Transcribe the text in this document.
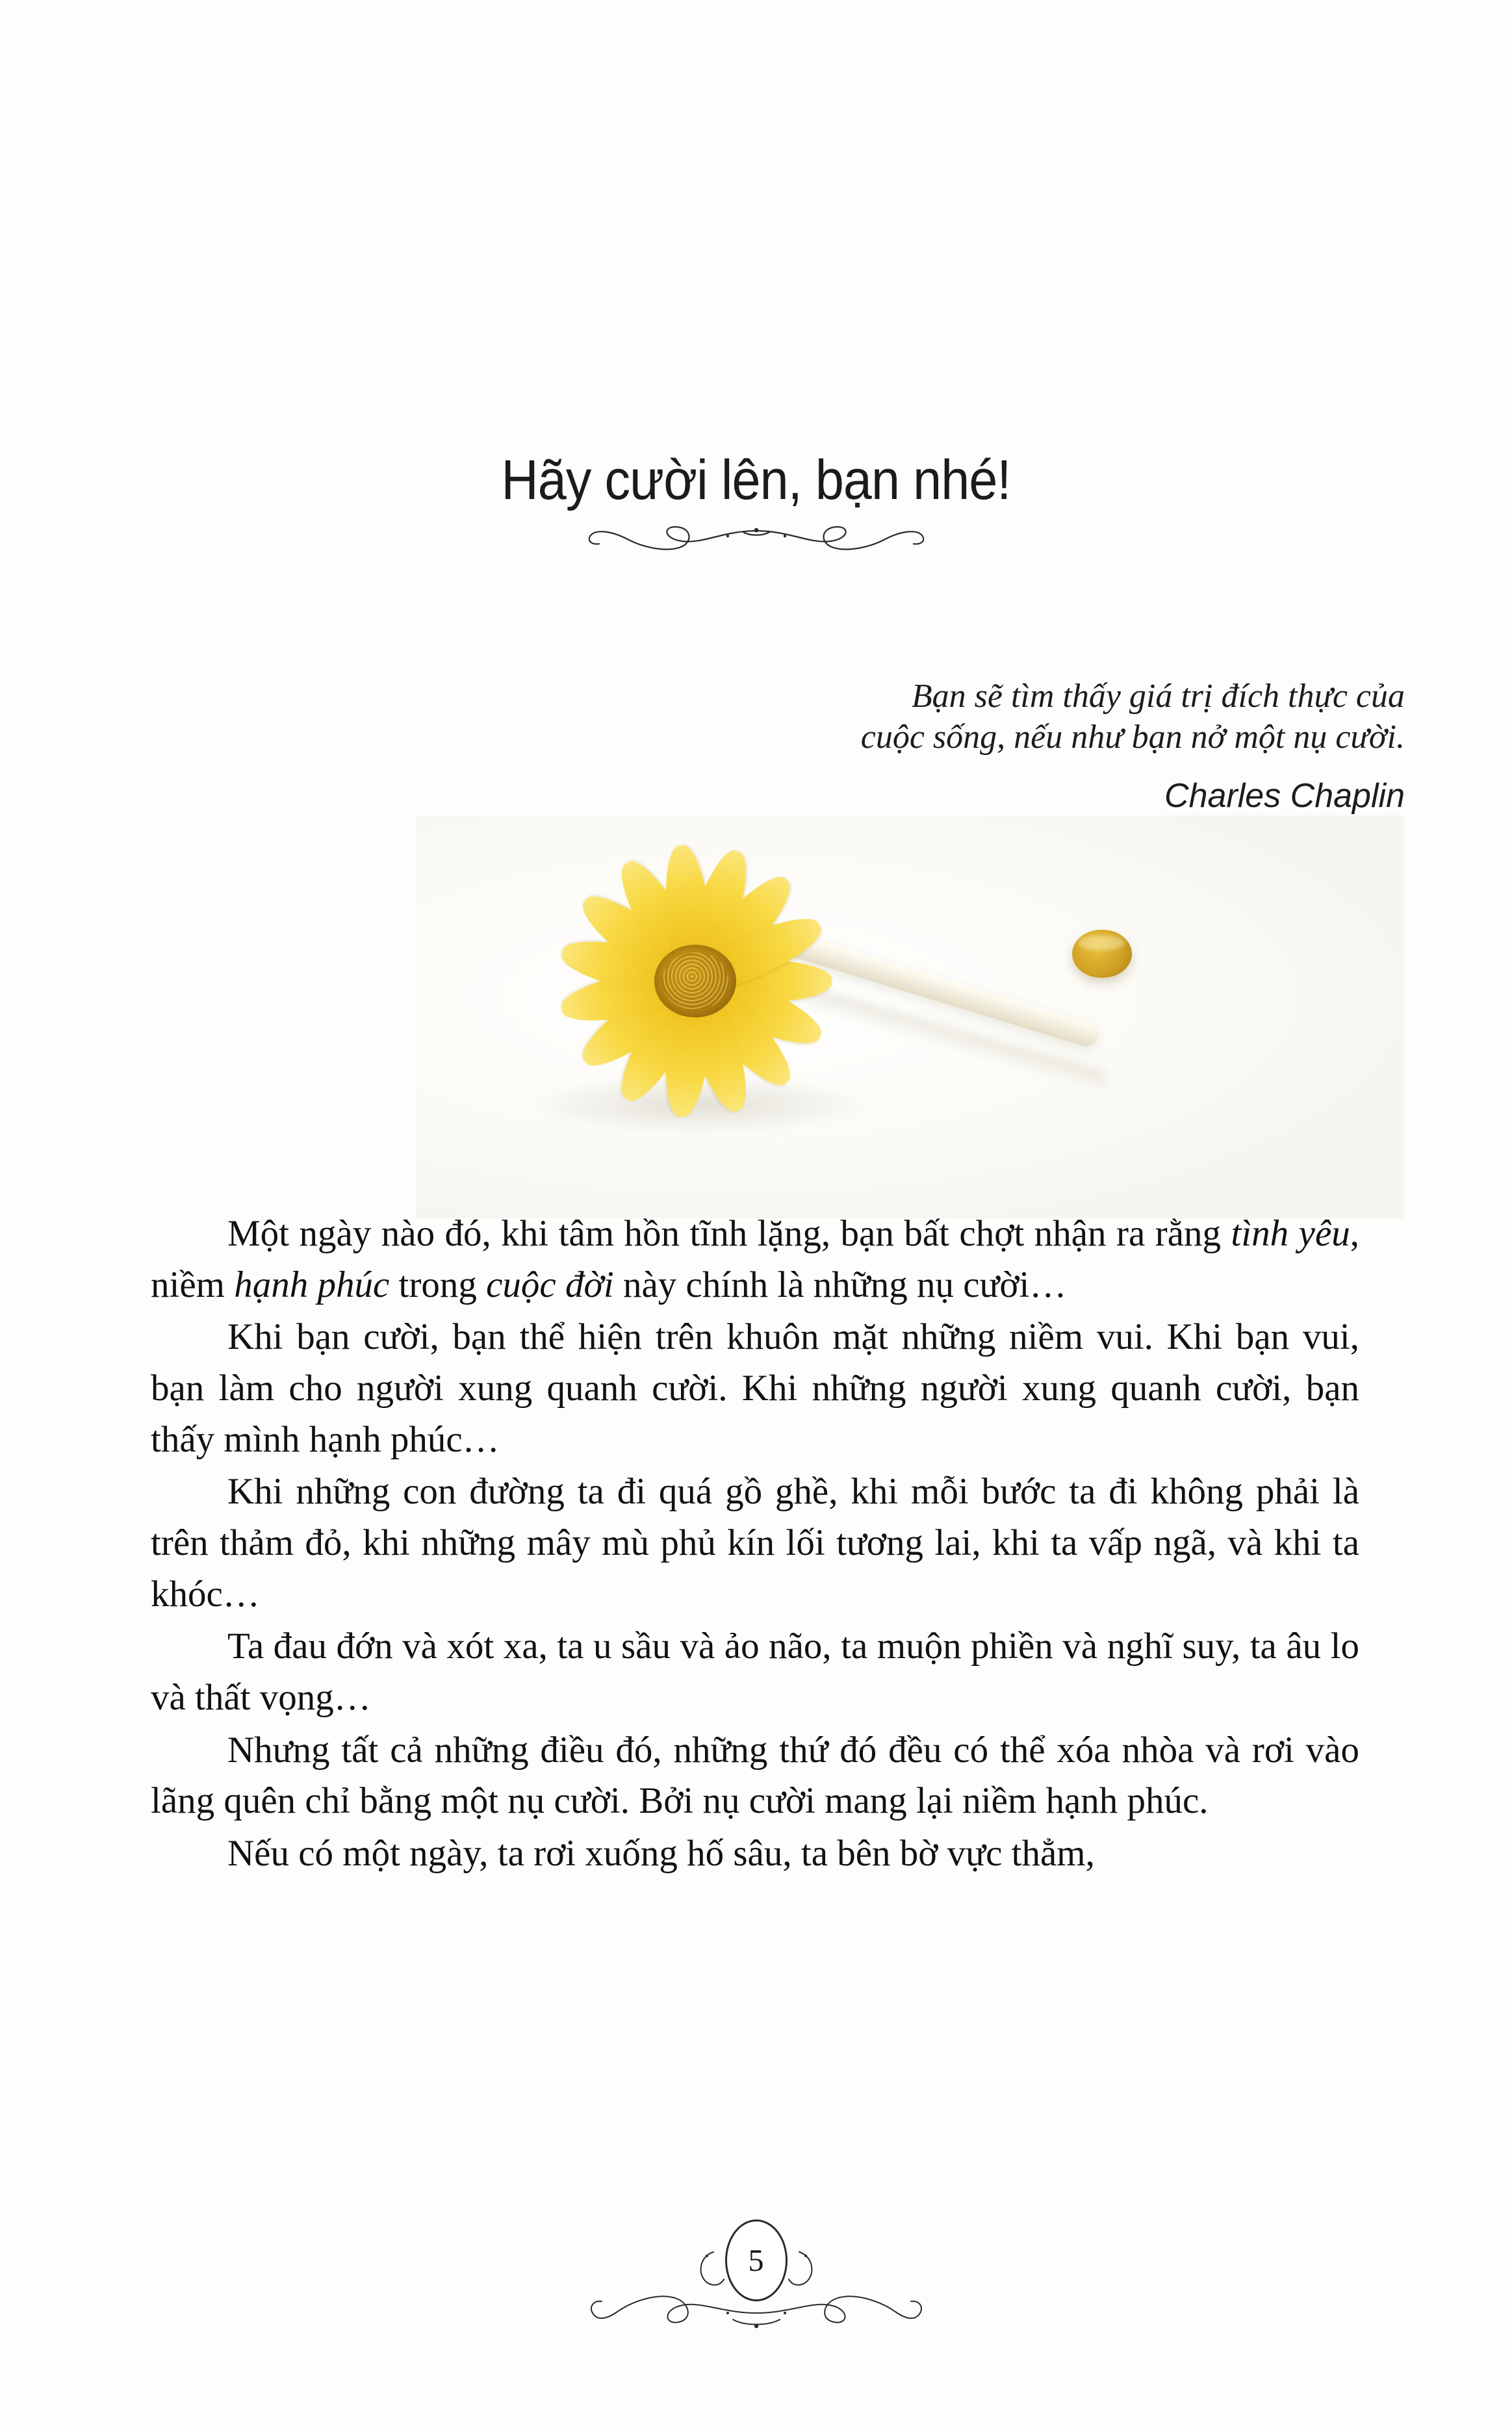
Hãy cười lên, bạn nhé!
Bạn sẽ tìm thấy giá trị đích thực của
cuộc sống, nếu như bạn nở một nụ cười.
Charles Chaplin

Một ngày nào đó, khi tâm hồn tĩnh lặng, bạn bất chợt nhận ra rằng tình yêu, niềm hạnh phúc trong cuộc đời này chính là những nụ cười…

Khi bạn cười, bạn thể hiện trên khuôn mặt những niềm vui. Khi bạn vui, bạn làm cho người xung quanh cười. Khi những người xung quanh cười, bạn thấy mình hạnh phúc…

Khi những con đường ta đi quá gồ ghề, khi mỗi bước ta đi không phải là trên thảm đỏ, khi những mây mù phủ kín lối tương lai, khi ta vấp ngã, và khi ta khóc…

Ta đau đớn và xót xa, ta u sầu và ảo não, ta muộn phiền và nghĩ suy, ta âu lo và thất vọng…

Nhưng tất cả những điều đó, những thứ đó đều có thể xóa nhòa và rơi vào lãng quên chỉ bằng một nụ cười. Bởi nụ cười mang lại niềm hạnh phúc.

Nếu có một ngày, ta rơi xuống hố sâu, ta bên bờ vực thẳm,

5
